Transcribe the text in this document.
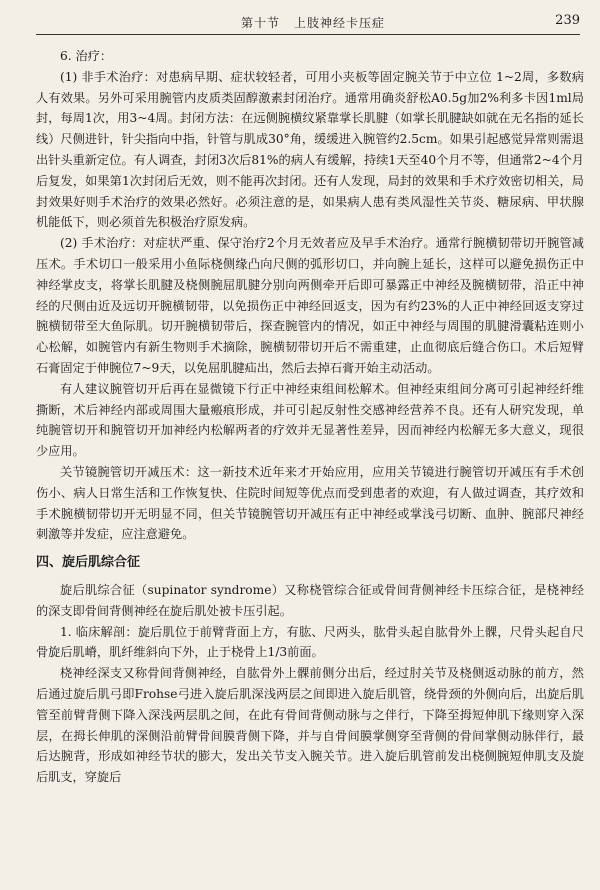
第十节 上肢神经卡压症	239

6. 治疗：

(1) 非手术治疗：对患病早期、症状较轻者，可用小夹板等固定腕关节于中立位 1~2周，多数病人有效果。另外可采用腕管内皮质类固醇激素封闭治疗。通常用确炎舒松A0.5g加2%利多卡因1ml局封，每周1次，用3~4周。封闭方法：在远侧腕横纹紧靠掌长肌腱（如掌长肌腱缺如就在无名指的延长线）尺侧进针，针尖指向中指，针管与肌成30°角，缓缓进入腕管约2.5cm。如果引起感觉异常则需退出针头重新定位。有人调查，封闭3次后81%的病人有缓解，持续1天至40个月不等，但通常2~4个月后复发，如果第1次封闭后无效，则不能再次封闭。还有人发现，局封的效果和手术疗效密切相关，局封效果好则手术治疗的效果必然好。必须注意的是，如果病人患有类风湿性关节炎、糖尿病、甲状腺机能低下，则必须首先积极治疗原发病。

(2) 手术治疗：对症状严重、保守治疗2个月无效者应及早手术治疗。通常行腕横韧带切开腕管减压术。手术切口一般采用小鱼际桡侧缘凸向尺侧的弧形切口，并向腕上延长，这样可以避免损伤正中神经掌皮支，将掌长肌腱及桡侧腕屈肌腱分别向两侧牵开后即可暴露正中神经及腕横韧带，沿正中神经的尺侧由近及远切开腕横韧带，以免损伤正中神经回返支，因为有约23%的人正中神经回返支穿过腕横韧带至大鱼际肌。切开腕横韧带后，探查腕管内的情况，如正中神经与周围的肌腱滑囊粘连则小心松解，如腕管内有新生物则手术摘除，腕横韧带切开后不需重建，止血彻底后缝合伤口。术后短臂石膏固定于伸腕位7~9天，以免屈肌腱疝出，然后去掉石膏开始主动活动。

有人建议腕管切开后再在显微镜下行正中神经束组间松解术。但神经束组间分离可引起神经纤维撕断，术后神经内部或周围大量瘢痕形成，并可引起反射性交感神经营养不良。还有人研究发现，单纯腕管切开和腕管切开加神经内松解两者的疗效并无显著性差异，因而神经内松解无多大意义，现很少应用。

关节镜腕管切开减压术：这一新技术近年来才开始应用，应用关节镜进行腕管切开减压有手术创伤小、病人日常生活和工作恢复快、住院时间短等优点而受到患者的欢迎，有人做过调查，其疗效和手术腕横韧带切开无明显不同，但关节镜腕管切开减压有正中神经或掌浅弓切断、血肿、腕部尺神经刺激等并发症，应注意避免。

四、旋后肌综合征

旋后肌综合征（supinator syndrome）又称桡管综合征或骨间背侧神经卡压综合征，是桡神经的深支即骨间背侧神经在旋后肌处被卡压引起。

1. 临床解剖：旋后肌位于前臂背面上方，有肱、尺两头，肱骨头起自肱骨外上髁，尺骨头起自尺骨旋后肌嵴，肌纤维斜向下外，止于桡骨上1/3前面。

桡神经深支又称骨间背侧神经，自肱骨外上髁前侧分出后，经过肘关节及桡侧返动脉的前方，然后通过旋后肌弓即Frohse弓进入旋后肌深浅两层之间即进入旋后肌管，绕骨颈的外侧向后，出旋后肌管至前臂背侧下降入深浅两层肌之间，在此有骨间背侧动脉与之伴行，下降至拇短伸肌下缘则穿入深层，在拇长伸肌的深侧沿前臂骨间膜背侧下降，并与自骨间膜掌侧穿至背侧的骨间掌侧动脉伴行，最后达腕背，形成如神经节状的膨大，发出关节支入腕关节。进入旋后肌管前发出桡侧腕短伸肌支及旋后肌支，穿旋后
